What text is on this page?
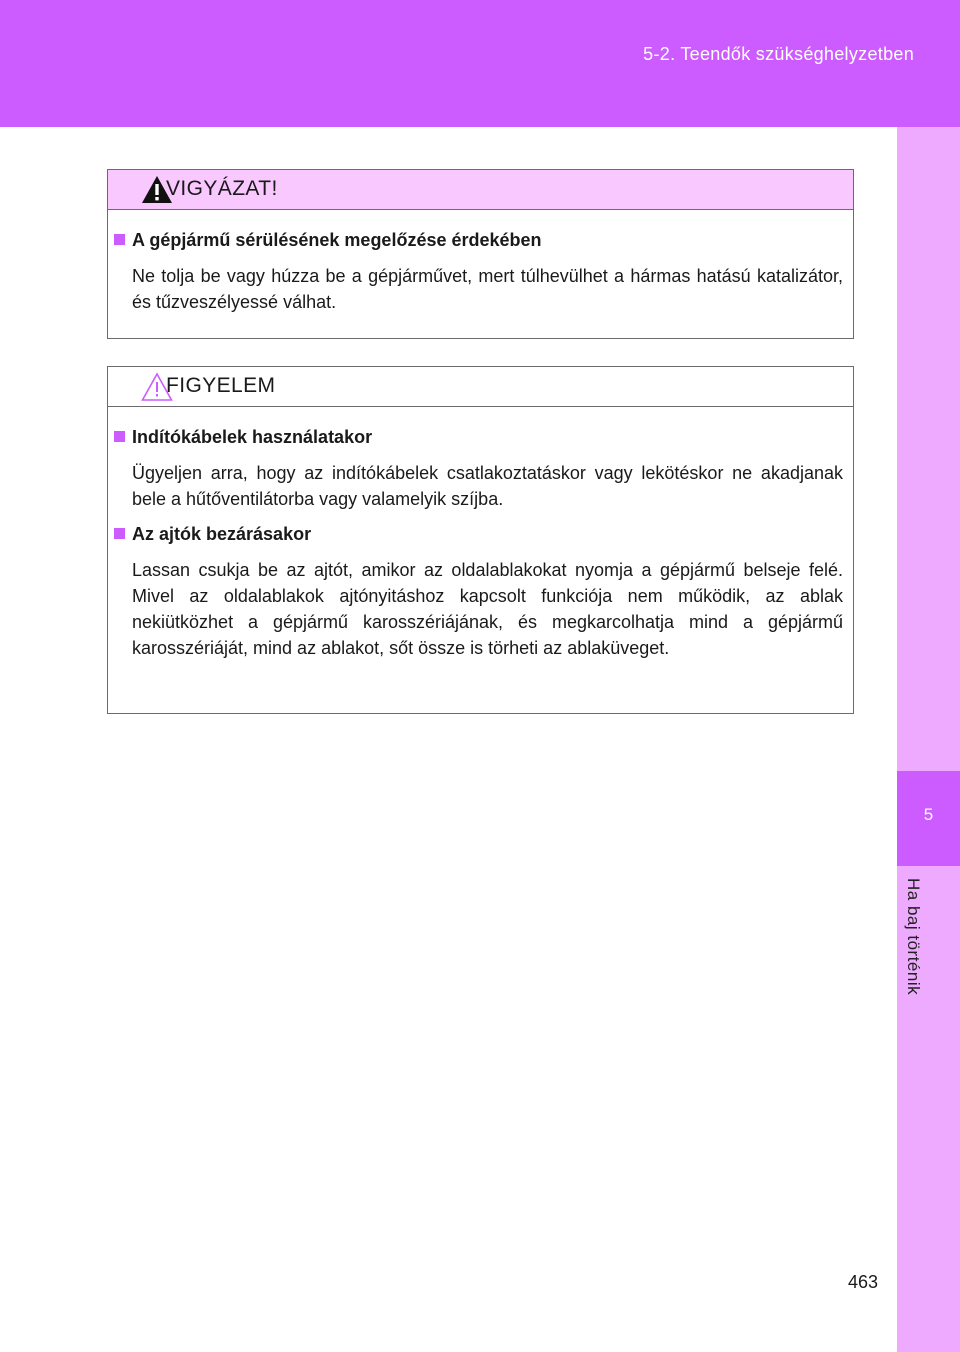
5-2. Teendők szükséghelyzetben
5
Ha baj történik
VIGYÁZAT!
A gépjármű sérülésének megelőzése érdekében
Ne tolja be vagy húzza be a gépjárművet, mert túlhevülhet a hármas hatású katalizátor, és tűzveszélyessé válhat.
FIGYELEM
Indítókábelek használatakor
Ügyeljen arra, hogy az indítókábelek csatlakoztatáskor vagy lekötéskor ne akadjanak bele a hűtőventilátorba vagy valamelyik szíjba.
Az ajtók bezárásakor
Lassan csukja be az ajtót, amikor az oldalablakokat nyomja a gépjármű belseje felé. Mivel az oldalablakok ajtónyitáshoz kapcsolt funkciója nem működik, az ablak nekiütközhet a gépjármű karosszériájának, és megkarcolhatja mind a gépjármű karosszériáját, mind az ablakot, sőt össze is törheti az ablaküveget.
463
